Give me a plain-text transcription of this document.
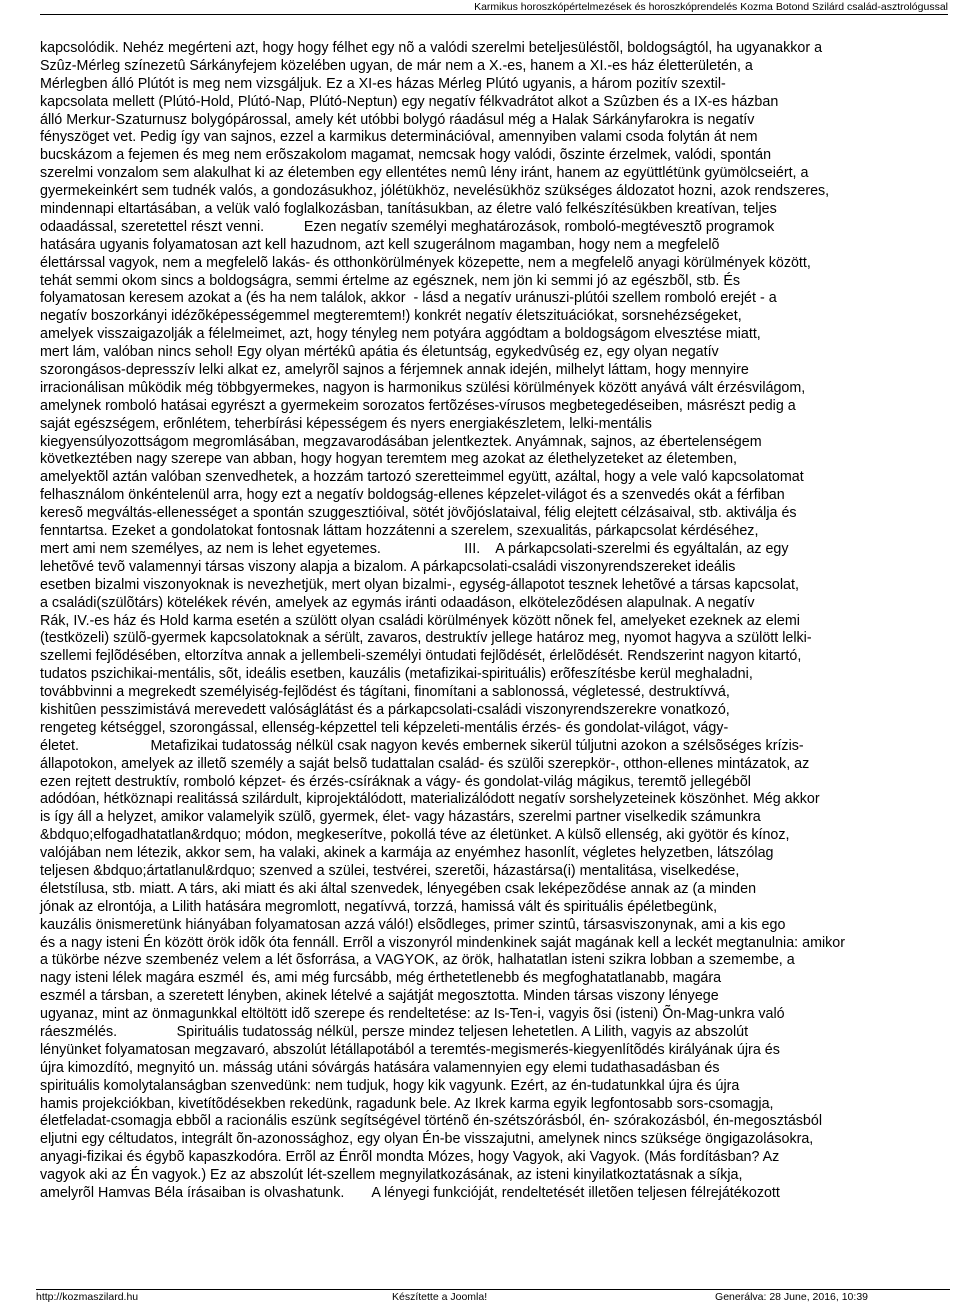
Karmikus horoszkópértelmezések és horoszkóprendelés Kozma Botond Szilárd család-asztrológussal
kapcsolódik. Nehéz megérteni azt, hogy hogy félhet egy nõ a valódi szerelmi beteljesüléstõl, boldogságtól, ha ugyanakkor a
Szûz-Mérleg színezetû Sárkányfejem közelében ugyan, de már nem a X.-es, hanem a XI.-es ház életterületén, a
Mérlegben álló Plútót is meg nem vizsgáljuk. Ez a XI-es házas Mérleg Plútó ugyanis, a három pozitív szextil-
kapcsolata mellett (Plútó-Hold, Plútó-Nap, Plútó-Neptun) egy negatív félkvadrátot alkot a Szûzben és a IX-es házban
álló Merkur-Szaturnusz bolygópárossal, amely két utóbbi bolygó ráadásul még a Halak Sárkányfarokra is negatív
fényszöget vet. Pedig így van sajnos, ezzel a karmikus determinációval, amennyiben valami csoda folytán át nem
bucskázom a fejemen és meg nem erõszakolom magamat, nemcsak hogy valódi, õszinte érzelmek, valódi, spontán
szerelmi vonzalom sem alakulhat ki az életemben egy ellentétes nemû lény iránt, hanem az együttlétünk gyümölcseiért, a
gyermekeinkért sem tudnék valós, a gondozásukhoz, jólétükhöz, nevelésükhöz szükséges áldozatot hozni, azok rendszeres,
mindennapi eltartásában, a velük való foglalkozásban, tanításukban, az életre való felkészítésükben kreatívan, teljes
odaadással, szeretettel részt venni.          Ezen negatív személyi meghatározások, romboló-megtévesztõ programok
hatására ugyanis folyamatosan azt kell hazudnom, azt kell szugerálnom magamban, hogy nem a megfelelõ
élettárssal vagyok, nem a megfelelõ lakás- és otthonkörülmények közepette, nem a megfelelõ anyagi körülmények között,
tehát semmi okom sincs a boldogságra, semmi értelme az egésznek, nem jön ki semmi jó az egészbõl, stb. És
folyamatosan keresem azokat a (és ha nem találok, akkor  - lásd a negatív uránuszi-plútói szellem romboló erejét - a
negatív boszorkányi idézõképességemmel megteremtem!) konkrét negatív életszituációkat, sorsnehézségeket,
amelyek visszaigazolják a félelmeimet, azt, hogy tényleg nem potyára aggódtam a boldogságom elvesztése miatt,
mert lám, valóban nincs sehol! Egy olyan mértékû apátia és életuntság, egykedvûség ez, egy olyan negatív
szorongásos-depresszív lelki alkat ez, amelyrõl sajnos a férjemnek annak idején, milhelyt láttam, hogy mennyire
irracionálisan mûködik még többgyermekes, nagyon is harmonikus szülési körülmények között anyává vált érzésvilágom,
amelynek romboló hatásai egyrészt a gyermekeim sorozatos fertõzéses-vírusos megbetegedéseiben, másrészt pedig a
saját egészségem, erõnlétem, teherbírási képességem és nyers energiakészletem, lelki-mentális
kiegyensúlyozottságom megromlásában, megzavarodásában jelentkeztek. Anyámnak, sajnos, az ébertelenségem
következtében nagy szerepe van abban, hogy hogyan teremtem meg azokat az élethelyzeteket az életemben,
amelyektõl aztán valóban szenvedhetek, a hozzám tartozó szeretteimmel együtt, azáltal, hogy a vele való kapcsolatomat
felhasználom önkéntelenül arra, hogy ezt a negatív boldogság-ellenes képzelet-világot és a szenvedés okát a férfiban
keresõ megváltás-ellenességet a spontán szuggesztióival, sötét jövõjóslataival, félig elejtett célzásaival, stb. aktiválja és
fenntartsa. Ezeket a gondolatokat fontosnak láttam hozzátenni a szerelem, szexualitás, párkapcsolat kérdéséhez,
mert ami nem személyes, az nem is lehet egyetemes.                     III.    A párkapcsolati-szerelmi és egyáltalán, az egy
lehetõvé tevõ valamennyi társas viszony alapja a bizalom. A párkapcsolati-családi viszonyrendszereket ideális
esetben bizalmi viszonyoknak is nevezhetjük, mert olyan bizalmi-, egység-állapotot tesznek lehetõvé a társas kapcsolat,
a családi(szülõtárs) kötelékek révén, amelyek az egymás iránti odaadáson, elkötelezõdésen alapulnak. A negatív
Rák, IV.-es ház és Hold karma esetén a szülött olyan családi körülmények között nõnek fel, amelyeket ezeknek az elemi
(testközeli) szülõ-gyermek kapcsolatoknak a sérült, zavaros, destruktív jellege határoz meg, nyomot hagyva a szülött lelki-
szellemi fejlõdésében, eltorzítva annak a jellembeli-személyi öntudati fejlõdését, érlelõdését. Rendszerint nagyon kitartó,
tudatos pszichikai-mentális, sõt, ideális esetben, kauzális (metafizikai-spirituális) erõfeszítésbe kerül meghaladni,
továbbvinni a megrekedt személyiség-fejlõdést és tágítani, finomítani a sablonossá, végletessé, destruktívvá,
kishitûen pesszimistává merevedett valóságlátást és a párkapcsolati-családi viszonyrendszerekre vonatkozó,
rengeteg kétséggel, szorongással, ellenség-képzettel teli képzeleti-mentális érzés- és gondolat-világot, vágy-
életet.                  Metafizikai tudatosság nélkül csak nagyon kevés embernek sikerül túljutni azokon a szélsõséges krízis-
állapotokon, amelyek az illetõ személy a saját belsõ tudattalan család- és szülõi szerepkör-, otthon-ellenes mintázatok, az
ezen rejtett destruktív, romboló képzet- és érzés-csíráknak a vágy- és gondolat-világ mágikus, teremtõ jellegébõl
adódóan, hétköznapi realitássá szilárdult, kiprojektálódott, materializálódott negatív sorshelyzeteinek köszönhet. Még akkor
is így áll a helyzet, amikor valamelyik szülõ, gyermek, élet- vagy házastárs, szerelmi partner viselkedik számunkra
&bdquo;elfogadhatatlan&rdquo; módon, megkeserítve, pokollá téve az életünket. A külsõ ellenség, aki gyötör és kínoz,
valójában nem létezik, akkor sem, ha valaki, akinek a karmája az enyémhez hasonlít, végletes helyzetben, látszólag
teljesen &bdquo;ártatlanul&rdquo; szenved a szülei, testvérei, szeretõi, házastársa(i) mentalitása, viselkedése,
életstílusa, stb. miatt. A társ, aki miatt és aki által szenvedek, lényegében csak leképezõdése annak az (a minden
jónak az elrontója, a Lilith hatására megromlott, negatívvá, torzzá, hamissá vált és spirituális épéletbegünk,
kauzális önismeretünk hiányában folyamatosan azzá váló!) elsõdleges, primer szintû, társasviszonynak, ami a kis ego
és a nagy isteni Én között örök idõk óta fennáll. Errõl a viszonyról mindenkinek saját magának kell a leckét megtanulnia: amikor
a tükörbe nézve szembenéz velem a lét õsforrása, a VAGYOK, az örök, halhatatlan isteni szikra lobban a szemembe, a
nagy isteni lélek magára eszmél  és, ami még furcsább, még érthetetlenebb és megfoghatatlanabb, magára
eszmél a társban, a szeretett lényben, akinek lételvé a sajátját megosztotta. Minden társas viszony lényege
ugyanaz, mint az önmagunkkal eltöltött idõ szerepe és rendeltetése: az Is-Ten-i, vagyis õsi (isteni) Õn-Mag-unkra való
ráeszmélés.               Spirituális tudatosság nélkül, persze mindez teljesen lehetetlen. A Lilith, vagyis az abszolút
lényünket folyamatosan megzavaró, abszolút létállapotából a teremtés-megismerés-kiegyenlítõdés királyának újra és
újra kimozdító, megnyitó un. másság utáni sóvárgás hatására valamennyien egy elemi tudathasadásban és
spirituális komolytalanságban szenvedünk: nem tudjuk, hogy kik vagyunk. Ezért, az én-tudatunkkal újra és újra
hamis projekciókban, kivetítõdésekben rekedünk, ragadunk bele. Az Ikrek karma egyik legfontosabb sors-csomagja,
életfeladat-csomagja ebbõl a racionális eszünk segítségével történõ én-szétszórásból, én- szórakozásból, én-megosztásból
eljutni egy céltudatos, integrált õn-azonossághoz, egy olyan Én-be visszajutni, amelynek nincs szüksége öngigazolásokra,
anyagi-fizikai és égybõ kapaszkodóra. Errõl az Énrõl mondta Mózes, hogy Vagyok, aki Vagyok. (Más fordításban? Az
vagyok aki az Én vagyok.) Ez az abszolút lét-szellem megnyilatkozásának, az isteni kinyilatkoztatásnak a síkja,
amelyrõl Hamvas Béla írásaiban is olvashatunk.       A lényegi funkcióját, rendeltetését illetõen teljesen félrejátékozott
http://kozmaszilard.hu	Készítette a Joomla!	Generálva: 28 June, 2016, 10:39
